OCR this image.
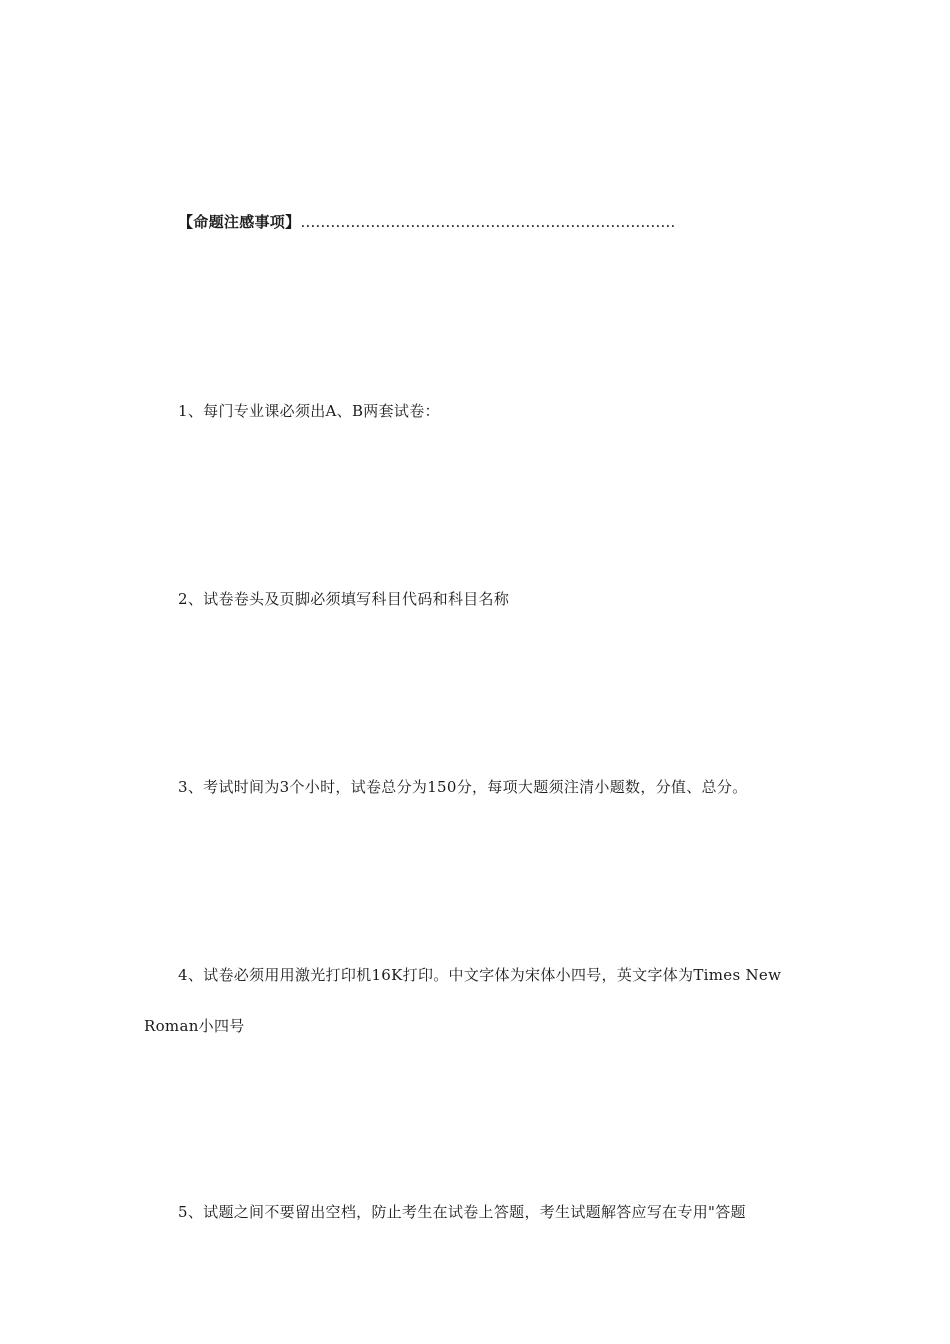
【命题注感事项】…………………………………………………………………
1、每门专业课必须出A、B两套试卷：
2、试卷卷头及页脚必须填写科目代码和科目名称
3、考试时间为3个小时，试卷总分为150分，每项大题须注清小题数，分值、总分。
4、试卷必须用用激光打印机16K打印。中文字体为宋体小四号，英文字体为Times New
Roman小四号
5、试题之间不要留出空档，防止考生在试卷上答题，考生试题解答应写在专用"答题
